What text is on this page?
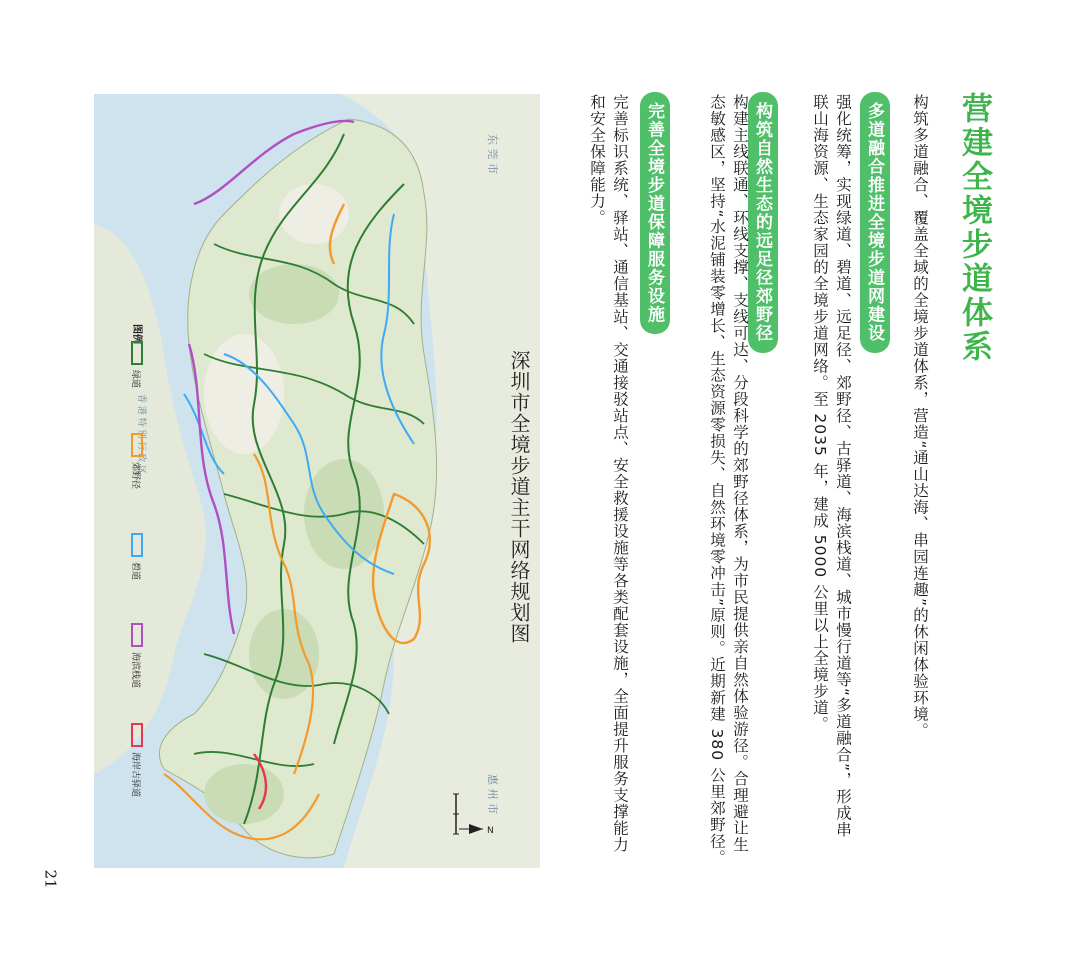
营建全境步道体系
构筑多道融合、覆盖全域的全境步道体系，营造“通山达海、串园连趣”的休闲体验环境。
多道融合推进全境步道网建设
强化统筹，实现绿道、碧道、远足径、郊野径、古驿道、海滨栈道、城市慢行道等“多道融合”，形成串
联山海资源、生态家园的全境步道网络。至 2035 年，建成 5000 公里以上全境步道。
构筑自然生态的远足径郊野径
构建主线联通、环线支撑、支线可达、分段科学的郊野径体系，为市民提供亲自然体验游径。合理避让生
态敏感区，坚持“水泥铺装零增长、生态资源零损失、自然环境零冲击”原则。近期新建 380 公里郊野径。
完善全境步道保障服务设施
完善标识系统、驿站、通信基站、交通接驳站点、安全救援设施等各类配套设施，全面提升服务支撑能力
和安全保障能力。
东 莞 市
惠 州 市
香 港 特 别 行 政 区
图例
绿道
郊野径
碧道
海滨栈道
海岸古驿道
N
深圳市全境步道主干网络规划图
21
